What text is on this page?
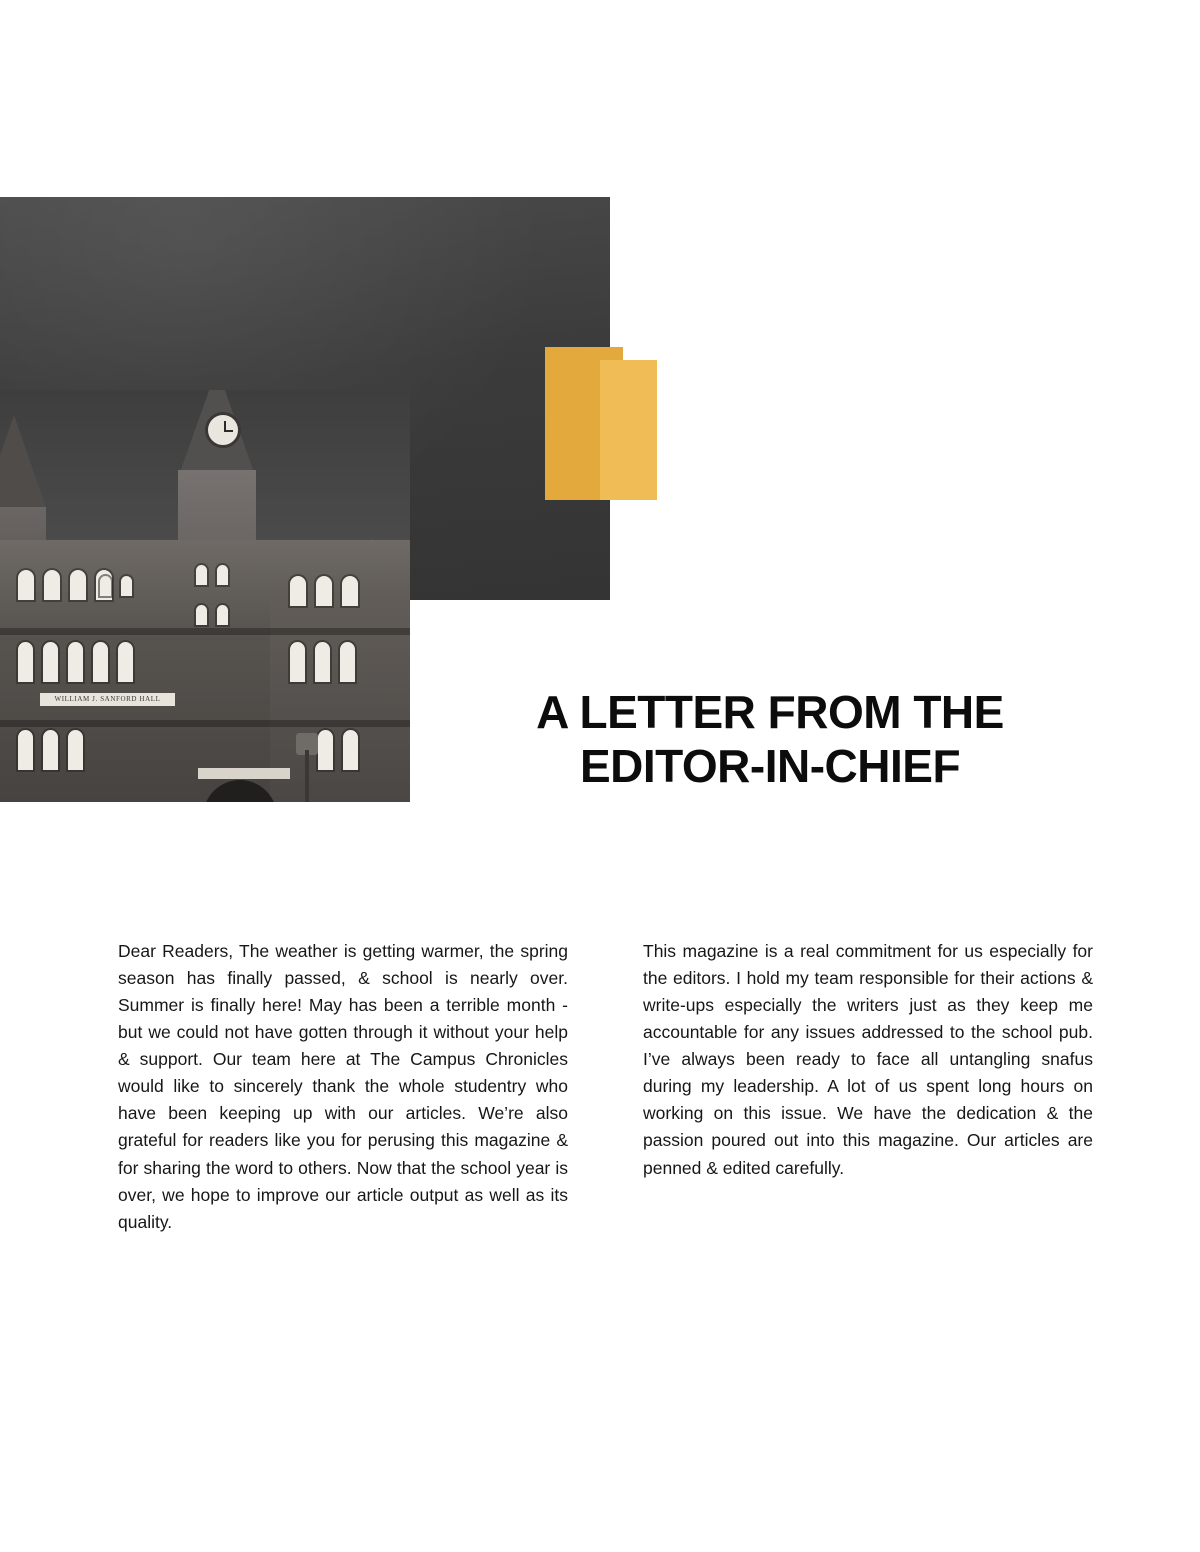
WILLIAM J. SANFORD HALL	A LETTER FROM THE
EDITOR-IN-CHIEF

Dear Readers, The weather is getting warmer, the spring season has finally passed, & school is nearly over. Summer is finally here! May has been a terrible month - but we could not have gotten through it without your help & support. Our team here at The Campus Chronicles would like to sincerely thank the whole studentry who have been keeping up with our articles. We’re also grateful for readers like you for perusing this magazine & for sharing the word to others. Now that the school year is over, we hope to improve our article output as well as its quality.

This magazine is a real commitment for us especially for the editors. I hold my team responsible for their actions & write-ups especially the writers just as they keep me accountable for any issues addressed to the school pub. I’ve always been ready to face all untangling snafus during my leadership. A lot of us spent long hours on working on this issue. We have the dedication & the passion poured out into this magazine. Our articles are penned & edited carefully.
